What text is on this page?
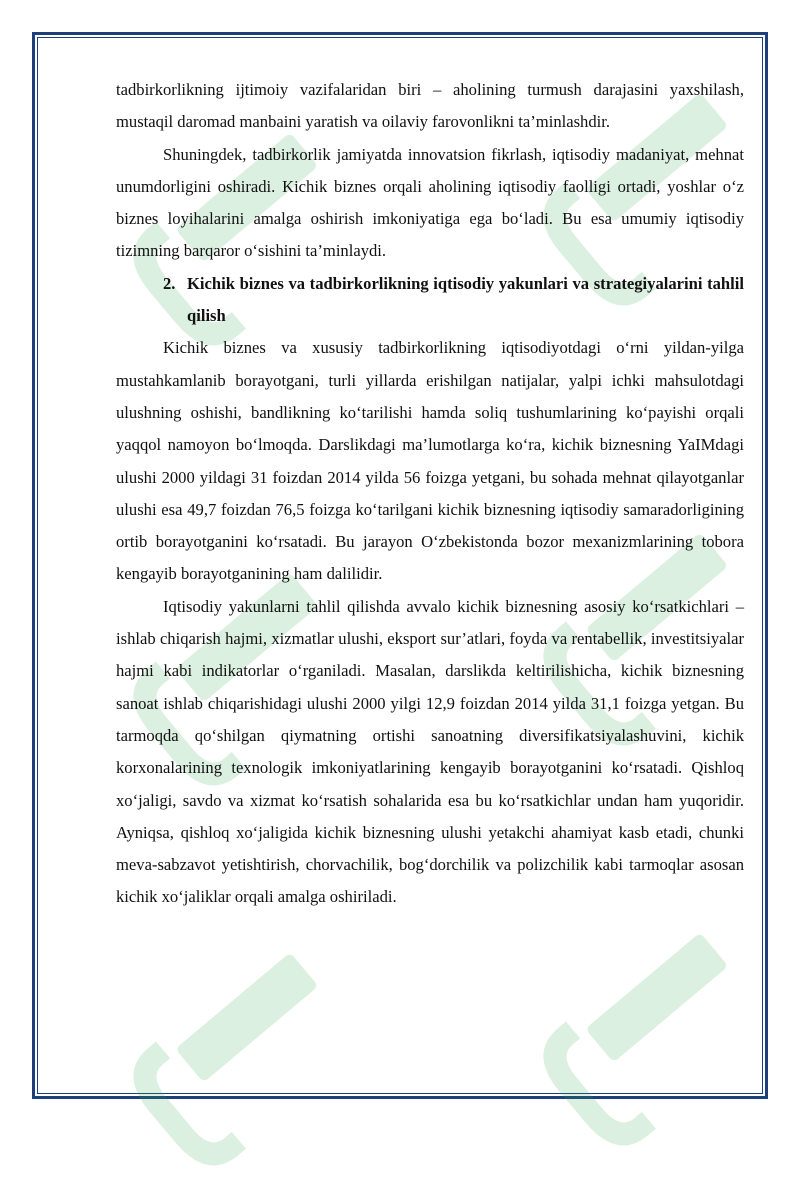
tadbirkorlikning ijtimoiy vazifalaridan biri – aholining turmush darajasini yaxshilash, mustaqil daromad manbaini yaratish va oilaviy farovonlikni ta’minlashdir.

Shuningdek, tadbirkorlik jamiyatda innovatsion fikrlash, iqtisodiy madaniyat, mehnat unumdorligini oshiradi. Kichik biznes orqali aholining iqtisodiy faolligi ortadi, yoshlar o‘z biznes loyihalarini amalga oshirish imkoniyatiga ega bo‘ladi. Bu esa umumiy iqtisodiy tizimning barqaror o‘sishini ta’minlaydi.

2. Kichik biznes va tadbirkorlikning iqtisodiy yakunlari va strategiyalarini tahlil qilish

Kichik biznes va xususiy tadbirkorlikning iqtisodiyotdagi o‘rni yildan-yilga mustahkamlanib borayotgani, turli yillarda erishilgan natijalar, yalpi ichki mahsulotdagi ulushning oshishi, bandlikning ko‘tarilishi hamda soliq tushumlarining ko‘payishi orqali yaqqol namoyon bo‘lmoqda. Darslikdagi ma’lumotlarga ko‘ra, kichik biznesning YaIMdagi ulushi 2000 yildagi 31 foizdan 2014 yilda 56 foizga yetgani, bu sohada mehnat qilayotganlar ulushi esa 49,7 foizdan 76,5 foizga ko‘tarilgani kichik biznesning iqtisodiy samaradorligining ortib borayotganini ko‘rsatadi. Bu jarayon O‘zbekistonda bozor mexanizmlarining tobora kengayib borayotganining ham dalilidir.

Iqtisodiy yakunlarni tahlil qilishda avvalo kichik biznesning asosiy ko‘rsatkichlari – ishlab chiqarish hajmi, xizmatlar ulushi, eksport sur’atlari, foyda va rentabellik, investitsiyalar hajmi kabi indikatorlar o‘rganiladi. Masalan, darslikda keltirilishicha, kichik biznesning sanoat ishlab chiqarishidagi ulushi 2000 yilgi 12,9 foizdan 2014 yilda 31,1 foizga yetgan. Bu tarmoqda qo‘shilgan qiymatning ortishi sanoatning diversifikatsiyalashuvini, kichik korxonalarining texnologik imkoniyatlarining kengayib borayotganini ko‘rsatadi. Qishloq xo‘jaligi, savdo va xizmat ko‘rsatish sohalarida esa bu ko‘rsatkichlar undan ham yuqoridir. Ayniqsa, qishloq xo‘jaligida kichik biznesning ulushi yetakchi ahamiyat kasb etadi, chunki meva-sabzavot yetishtirish, chorvachilik, bog‘dorchilik va polizchilik kabi tarmoqlar asosan kichik xo‘jaliklar orqali amalga oshiriladi.
